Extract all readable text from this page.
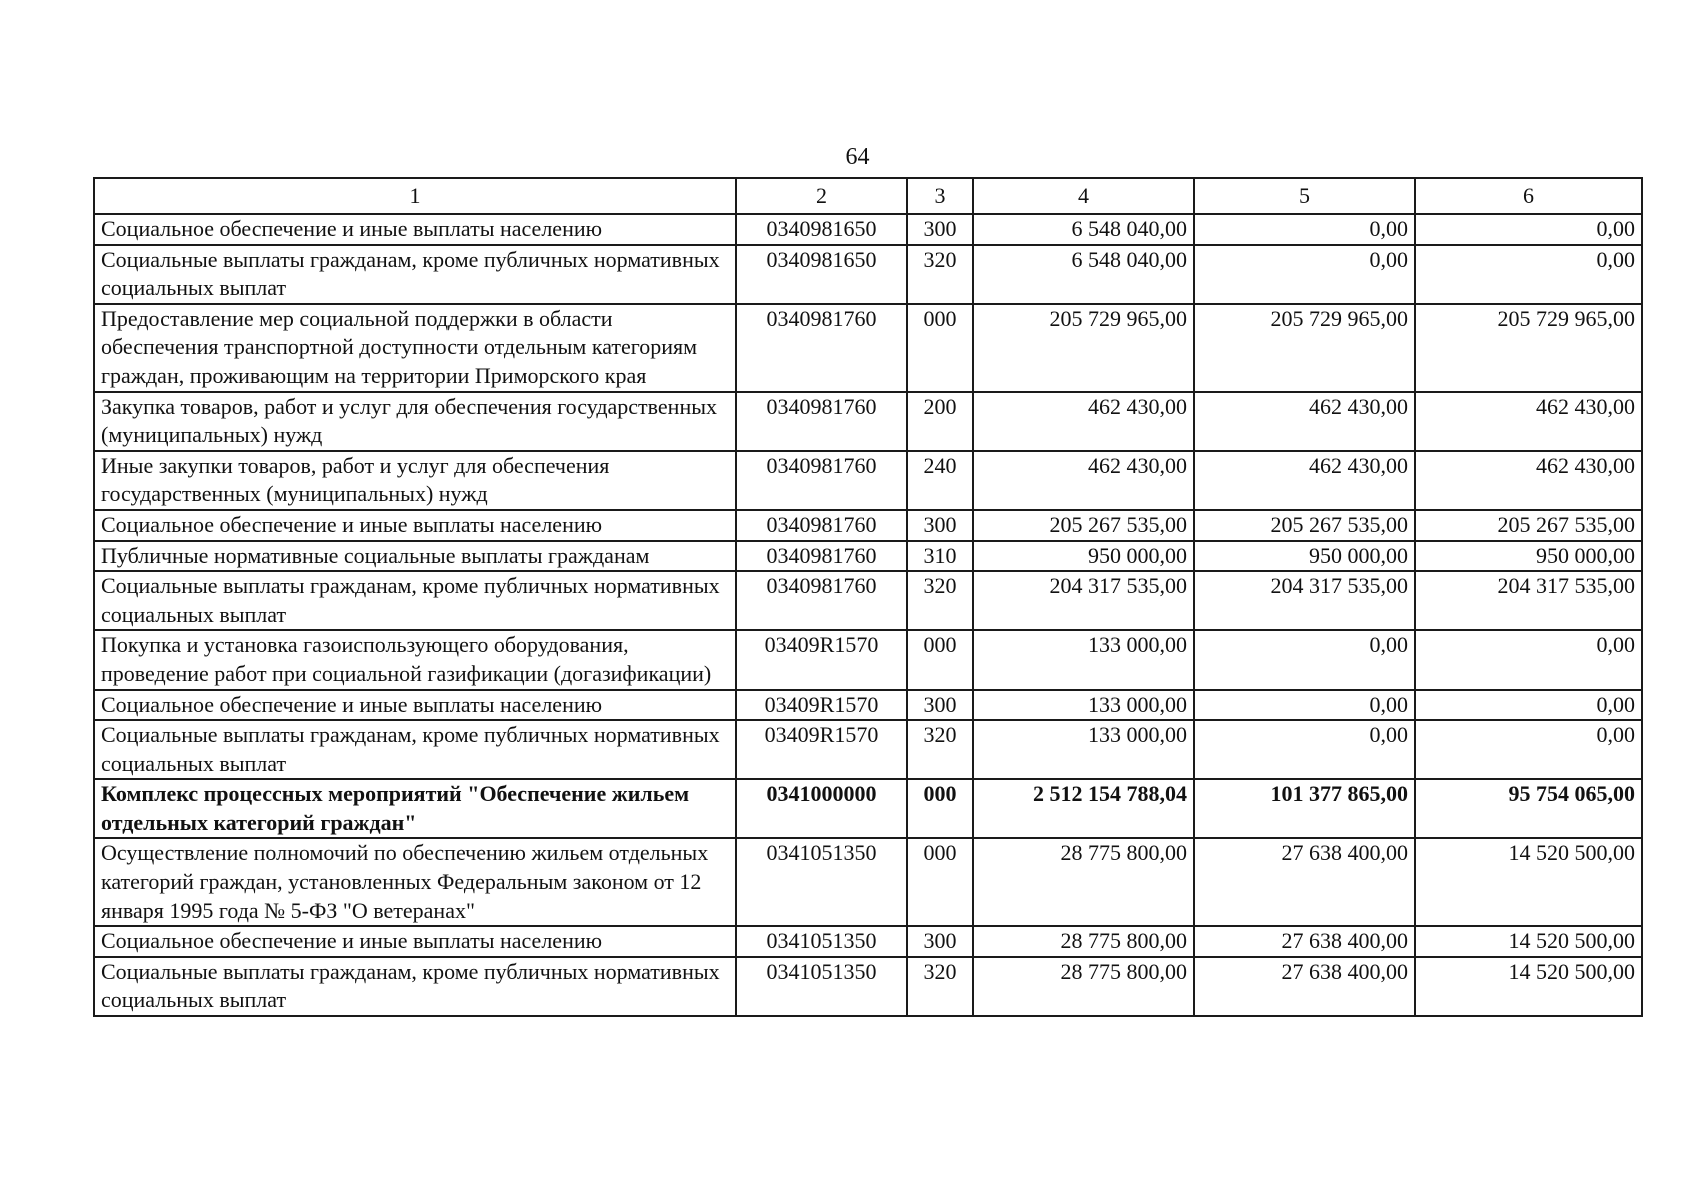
64
1	2	3	4	5	6
Социальное обеспечение и иные выплаты населению	0340981650	300	6 548 040,00	0,00	0,00
Социальные выплаты гражданам, кроме публичных нормативных социальных выплат	0340981650	320	6 548 040,00	0,00	0,00
Предоставление мер социальной поддержки в области обеспечения транспортной доступности отдельным категориям граждан, проживающим на территории Приморского края	0340981760	000	205 729 965,00	205 729 965,00	205 729 965,00
Закупка товаров, работ и услуг для обеспечения государственных (муниципальных) нужд	0340981760	200	462 430,00	462 430,00	462 430,00
Иные закупки товаров, работ и услуг для обеспечения государственных (муниципальных) нужд	0340981760	240	462 430,00	462 430,00	462 430,00
Социальное обеспечение и иные выплаты населению	0340981760	300	205 267 535,00	205 267 535,00	205 267 535,00
Публичные нормативные социальные выплаты гражданам	0340981760	310	950 000,00	950 000,00	950 000,00
Социальные выплаты гражданам, кроме публичных нормативных социальных выплат	0340981760	320	204 317 535,00	204 317 535,00	204 317 535,00
Покупка и установка газоиспользующего оборудования, проведение работ при социальной газификации (догазификации)	03409R1570	000	133 000,00	0,00	0,00
Социальное обеспечение и иные выплаты населению	03409R1570	300	133 000,00	0,00	0,00
Социальные выплаты гражданам, кроме публичных нормативных социальных выплат	03409R1570	320	133 000,00	0,00	0,00
Комплекс процессных мероприятий "Обеспечение жильем отдельных категорий граждан"	0341000000	000	2 512 154 788,04	101 377 865,00	95 754 065,00
Осуществление полномочий по обеспечению жильем отдельных категорий граждан, установленных Федеральным законом от 12 января 1995 года № 5-ФЗ "О ветеранах"	0341051350	000	28 775 800,00	27 638 400,00	14 520 500,00
Социальное обеспечение и иные выплаты населению	0341051350	300	28 775 800,00	27 638 400,00	14 520 500,00
Социальные выплаты гражданам, кроме публичных нормативных социальных выплат	0341051350	320	28 775 800,00	27 638 400,00	14 520 500,00
